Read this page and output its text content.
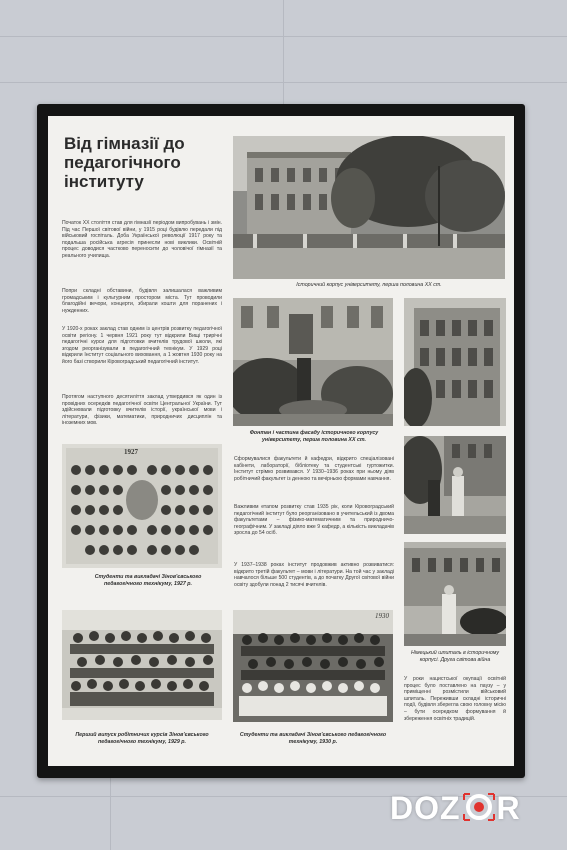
Від гімназії до педагогічного інституту

Початок XX століття став для гімназії періодом випробувань і змін. Під час Першої світової війни, у 1915 році будівлю передали під військовий госпіталь. Доба Української революції 1917 року та подальша російська агресія принесли нові виклики. Освітній процес доводися частково переносити до чоловічої гімназії та реального училища.

Попри складні обставини, будівля залишалася важливим громадським і культурним простором міста. Тут проводили благодійні вечори, концерти, збирали кошти для поранених і нужденних.

У 1920-х роках заклад став одним із центрів розвитку педагогічної освіти регіону. 1 червня 1921 року тут відкрили Вищі трирічні педагогічні курси для підготовки вчителів трудової школи, які згодом реорганізували в педагогічний технікум. У 1929 році відкрили Інститут соціального виховання, а 1 жовтня 1930 року на його базі створили Кіровоградський педагогічний інститут.

Протягом наступного десятиліття заклад утвердився як один із провідних осередків педагогічної освіти Центральної України. Тут здійснювали підготовку вчителів історії, української мови і літератури, фізики, математики, природничих дисциплін та іноземних мов.

Історичний корпус університету, перша половина XX ст.

Фонтан і частина фасаду історичного корпусу університету, перша половина XX ст.

Сформувалися факультети й кафедри, відкрито спеціалізовані кабінети, лабораторії, бібліотеку та студентські гуртожитки. Інститут стрімко розвивався. У 1930–1936 роках при ньому діяв робітничий факультет із денною та вечірньою формами навчання.

Важливим етапом розвитку став 1935 рік, коли Кіровоградський педагогічний інститут було реорганізовано в учительський із двома факультетами – фізико-математичним та природничо-географічним. У закладі діяло вже 9 кафедр, а кількість викладачів зросла до 54 осіб.

У 1937–1938 роках інститут продовжив активно розвиватися: відкрито третій факультет – мови і літератури. На той час у закладі навчалося більше 500 студентів, а до початку Другої світової війни освіту здобули понад 2 тисячі вчителів.

Німецький шпиталь в історичному корпусі. Друга світова війна

У роки нацистської окупації освітній процес було поставлено на паузу – у приміщенні розмістили військовий шпиталь. Переживши складні історичні події, будівля зберегла свою головну місію – бути осередком формування й збереження освітніх традицій.

1927

Студенти та викладачі Зінов'євського педагогічного технікуму, 1927 р.

Перший випуск робітничих курсів Зінов'євського педагогічного технікуму, 1929 р.

1930

Студенти та викладачі Зінов'євського педагогічного технікуму, 1930 р.

DOZ R
